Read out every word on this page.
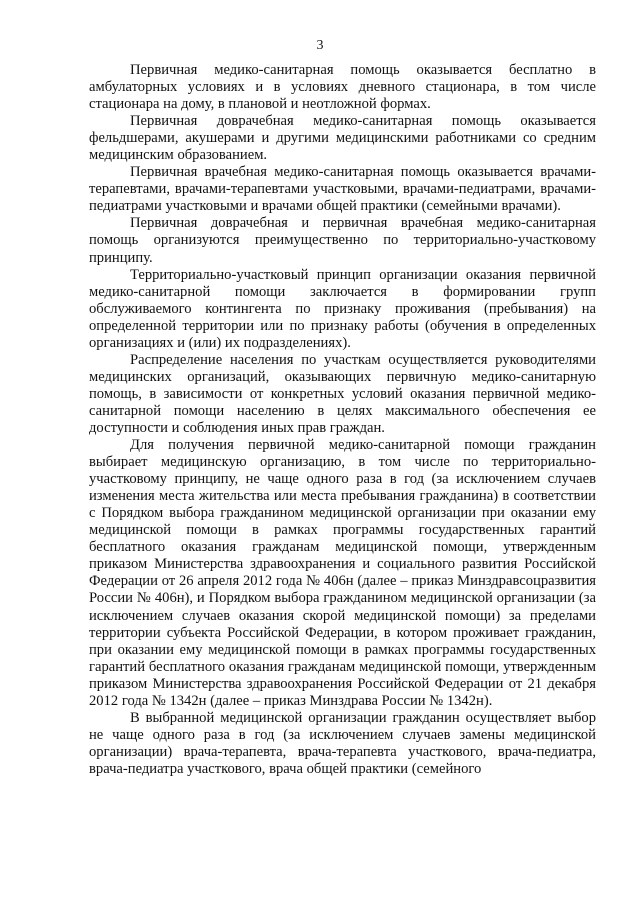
3

Первичная медико-санитарная помощь оказывается бесплатно в амбулаторных условиях и в условиях дневного стационара, в том числе стационара на дому, в плановой и неотложной формах.

Первичная доврачебная медико-санитарная помощь оказывается фельдшерами, акушерами и другими медицинскими работниками со средним медицинским образованием.

Первичная врачебная медико-санитарная помощь оказывается врачами-терапевтами, врачами-терапевтами участковыми, врачами-педиатрами, врачами-педиатрами участковыми и врачами общей практики (семейными врачами).

Первичная доврачебная и первичная врачебная медико-санитарная помощь организуются преимущественно по территориально-участковому принципу.

Территориально-участковый принцип организации оказания первичной медико-санитарной помощи заключается в формировании групп обслуживаемого контингента по признаку проживания (пребывания) на определенной территории или по признаку работы (обучения в определенных организациях и (или) их подразделениях).

Распределение населения по участкам осуществляется руководителями медицинских организаций, оказывающих первичную медико-санитарную помощь, в зависимости от конкретных условий оказания первичной медико-санитарной помощи населению в целях максимального обеспечения ее доступности и соблюдения иных прав граждан.

Для получения первичной медико-санитарной помощи гражданин выбирает медицинскую организацию, в том числе по территориально-участковому принципу, не чаще одного раза в год (за исключением случаев изменения места жительства или места пребывания гражданина) в соответствии с Порядком выбора гражданином медицинской организации при оказании ему медицинской помощи в рамках программы государственных гарантий бесплатного оказания гражданам медицинской помощи, утвержденным приказом Министерства здравоохранения и социального развития Российской Федерации от 26 апреля 2012 года № 406н (далее – приказ Минздравсоцразвития России № 406н), и Порядком выбора гражданином медицинской организации (за исключением случаев оказания скорой медицинской помощи) за пределами территории субъекта Российской Федерации, в котором проживает гражданин, при оказании ему медицинской помощи в рамках программы государственных гарантий бесплатного оказания гражданам медицинской помощи, утвержденным приказом Министерства здравоохранения Российской Федерации от 21 декабря 2012 года № 1342н (далее – приказ Минздрава России № 1342н).

В выбранной медицинской организации гражданин осуществляет выбор не чаще одного раза в год (за исключением случаев замены медицинской организации) врача-терапевта, врача-терапевта участкового, врача-педиатра, врача-педиатра участкового, врача общей практики (семейного
